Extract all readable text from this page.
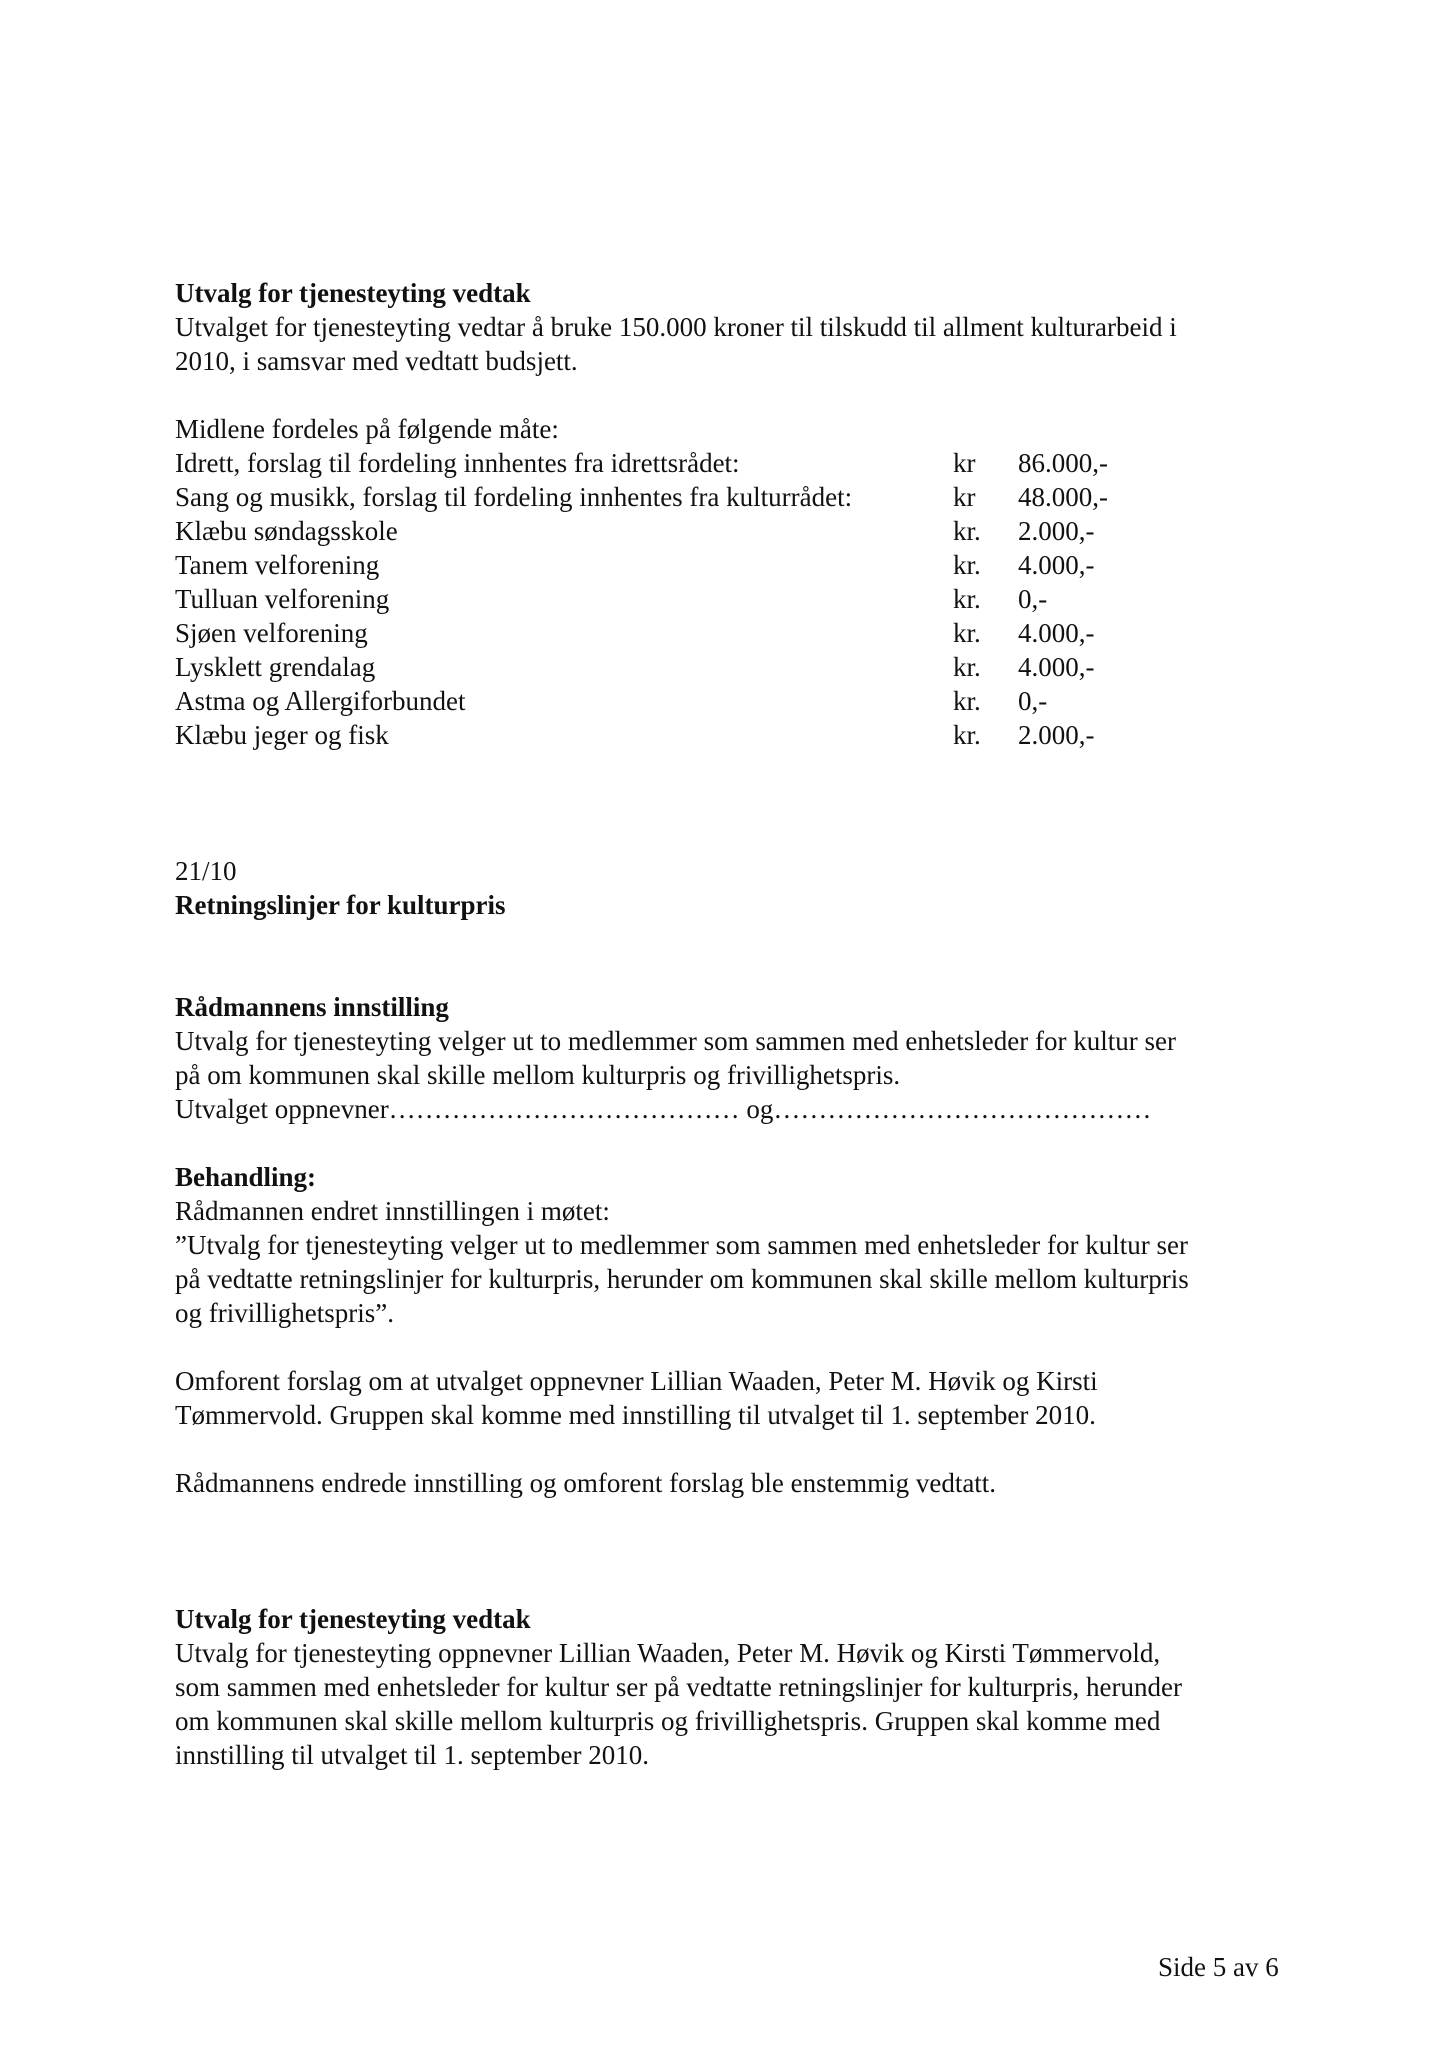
Utvalg for tjenesteyting vedtak

Utvalget for tjenesteyting vedtar å bruke 150.000 kroner til tilskudd til allment kulturarbeid i

2010, i samsvar med vedtatt budsjett.

Midlene fordeles på følgende måte:

Idrett, forslag til fordeling innhentes fra idrettsrådet:	kr	86.000,-
Sang og musikk, forslag til fordeling innhentes fra kulturrådet:	kr	48.000,-
Klæbu søndagsskole	kr.	2.000,-
Tanem velforening	kr.	4.000,-
Tulluan velforening	kr.	0,-
Sjøen velforening	kr.	4.000,-
Lysklett grendalag	kr.	4.000,-
Astma og Allergiforbundet	kr.	0,-
Klæbu jeger og fisk	kr.	2.000,-

21/10

Retningslinjer for kulturpris

Rådmannens innstilling

Utvalg for tjenesteyting velger ut to medlemmer som sammen med enhetsleder for kultur ser

på om kommunen skal skille mellom kulturpris og frivillighetspris.

Utvalget oppnevner………………………………… og……………………………………

Behandling:

Rådmannen endret innstillingen i møtet:

”Utvalg for tjenesteyting velger ut to medlemmer som sammen med enhetsleder for kultur ser

på vedtatte retningslinjer for kulturpris, herunder om kommunen skal skille mellom kulturpris

og frivillighetspris”.

Omforent forslag om at utvalget oppnevner Lillian Waaden, Peter M. Høvik og Kirsti

Tømmervold. Gruppen skal komme med innstilling til utvalget til 1. september 2010.

Rådmannens endrede innstilling og omforent forslag ble enstemmig vedtatt.

Utvalg for tjenesteyting vedtak

Utvalg for tjenesteyting oppnevner Lillian Waaden, Peter M. Høvik og Kirsti Tømmervold,

som sammen med enhetsleder for kultur ser på vedtatte retningslinjer for kulturpris, herunder

om kommunen skal skille mellom kulturpris og frivillighetspris. Gruppen skal komme med

innstilling til utvalget til 1. september 2010.

Side 5 av 6
